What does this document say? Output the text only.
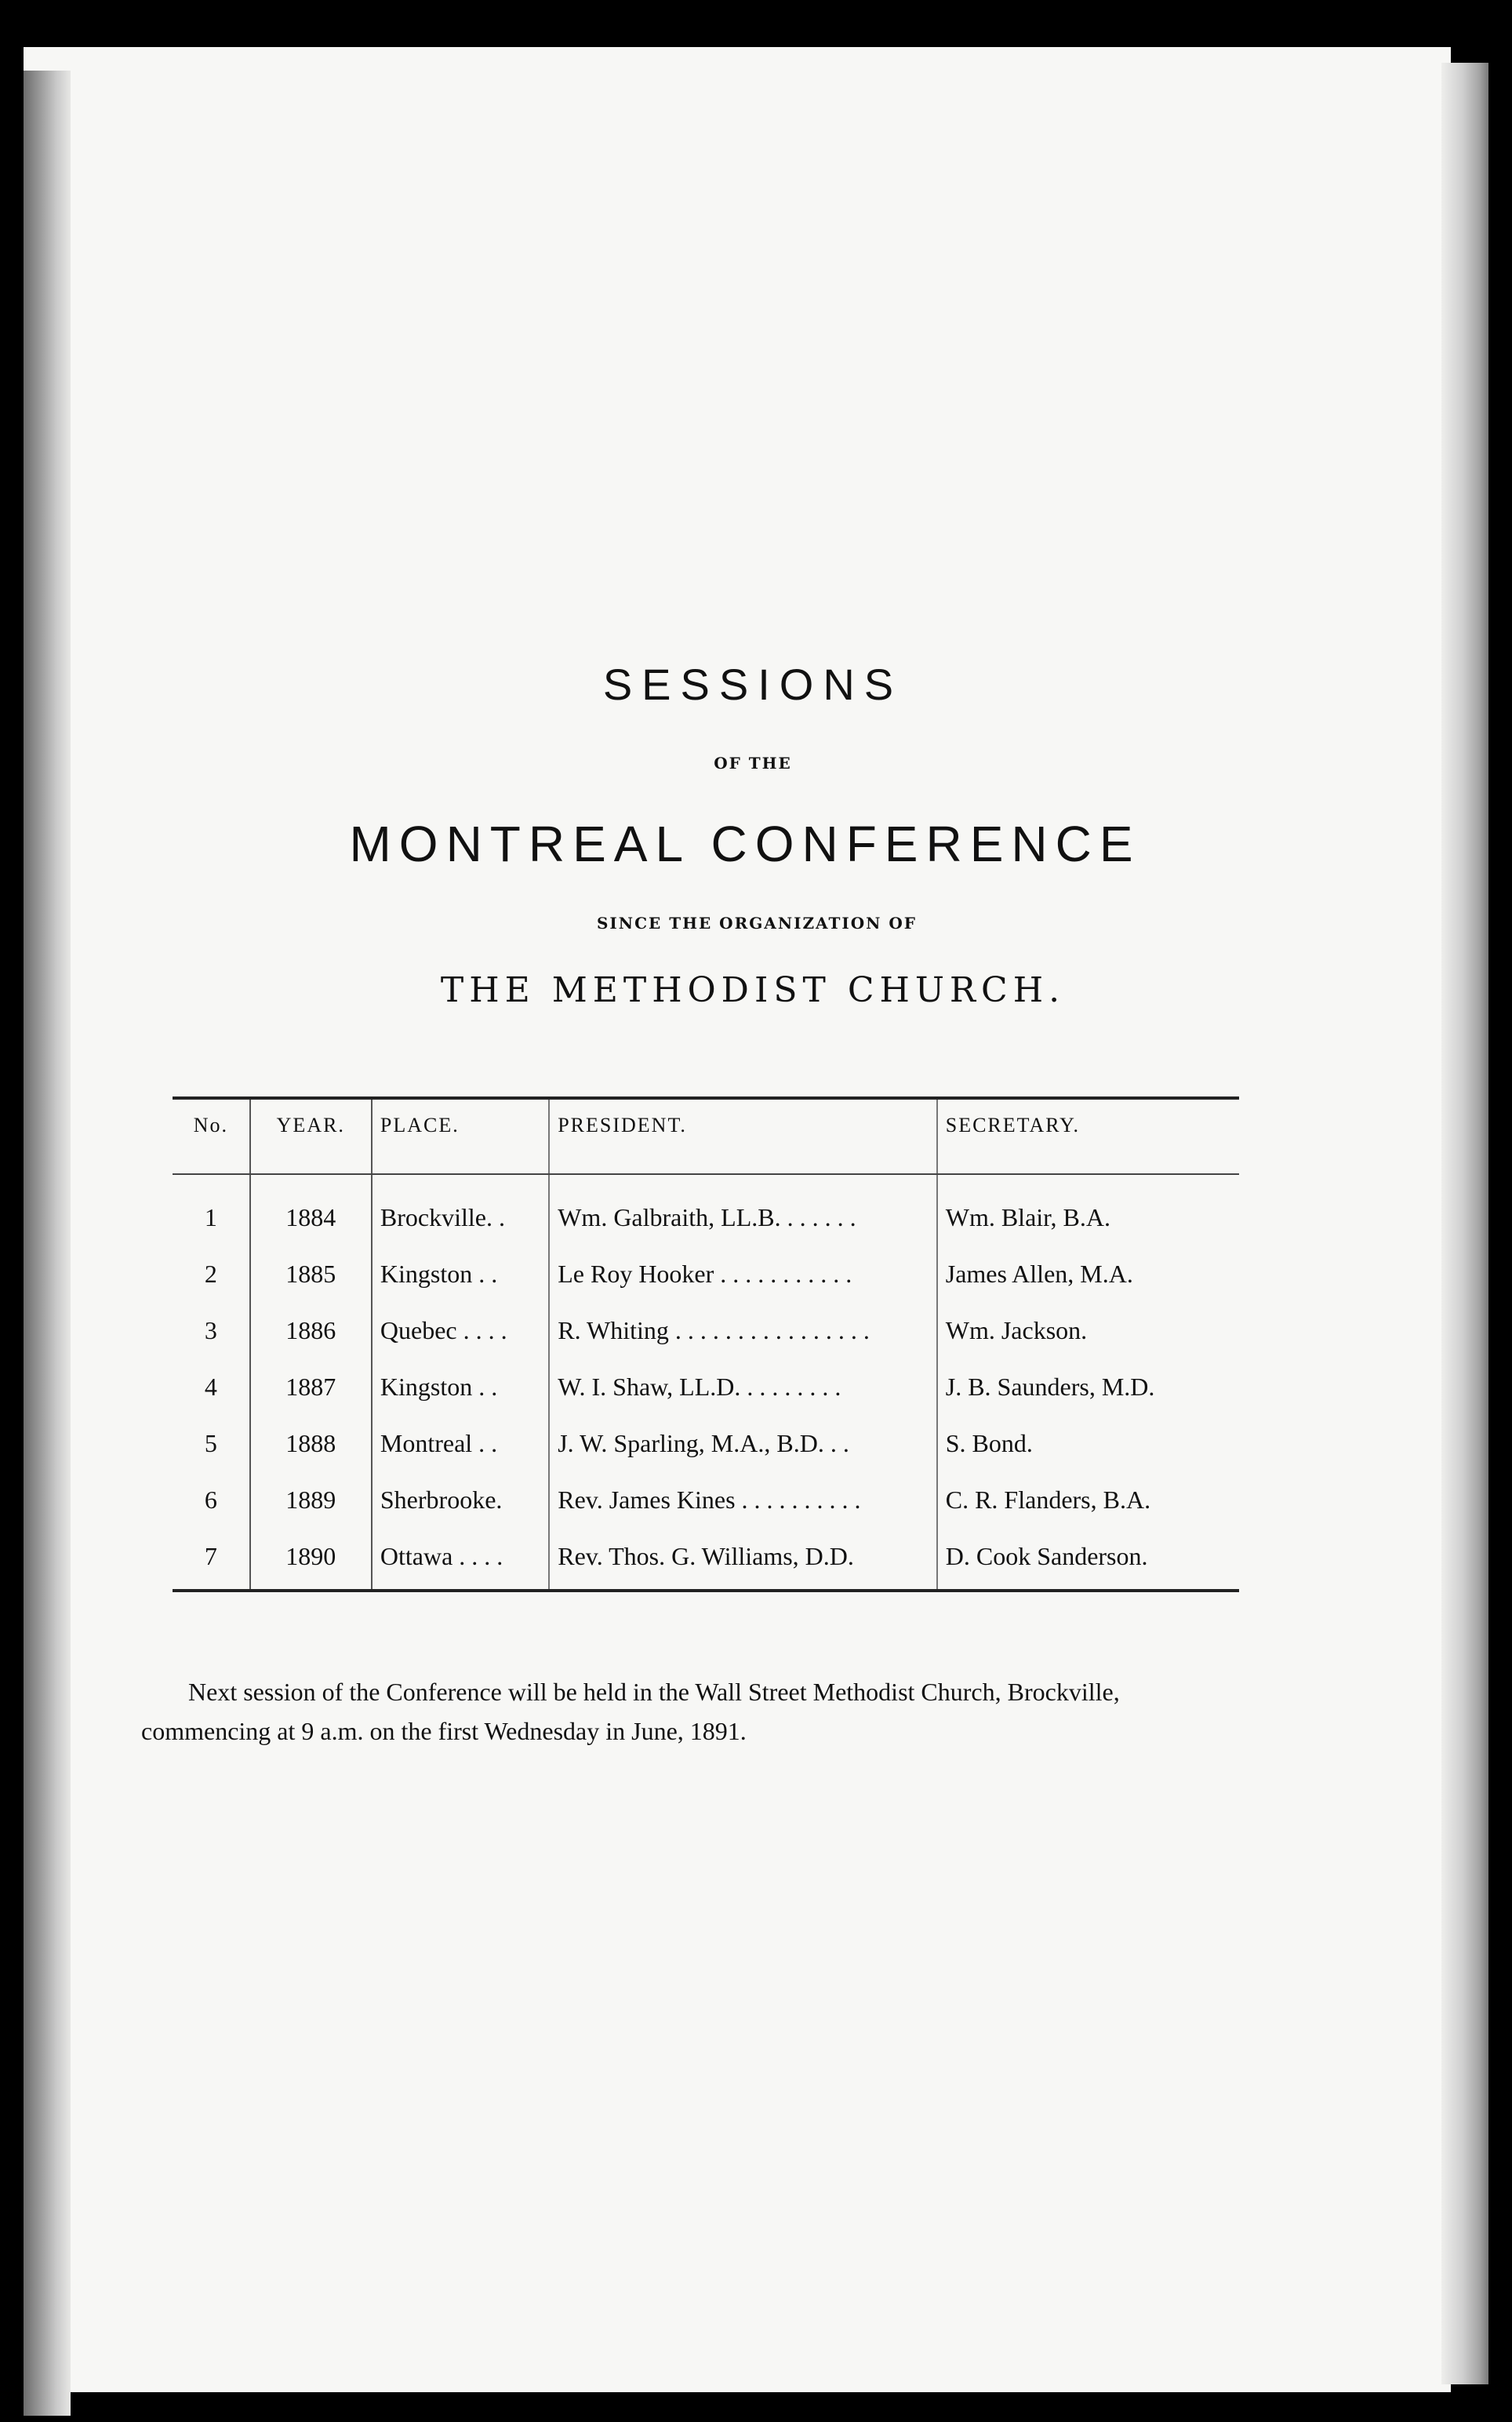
SESSIONS
OF THE
MONTREAL CONFERENCE
SINCE THE ORGANIZATION OF
THE METHODIST CHURCH.
No.	YEAR.	PLACE.	PRESIDENT.	SECRETARY.
1	1884	Brockville. .	Wm. Galbraith, LL.B. . . . . . .	Wm. Blair, B.A.
2	1885	Kingston . .	Le Roy Hooker . . . . . . . . . . .	James Allen, M.A.
3	1886	Quebec . . . .	R. Whiting . . . . . . . . . . . . . . . .	Wm. Jackson.
4	1887	Kingston . .	W. I. Shaw, LL.D. . . . . . . . .	J. B. Saunders, M.D.
5	1888	Montreal . .	J. W. Sparling, M.A., B.D. . .	S. Bond.
6	1889	Sherbrooke.	Rev. James Kines . . . . . . . . . .	C. R. Flanders, B.A.
7	1890	Ottawa . . . .	Rev. Thos. G. Williams, D.D.	D. Cook Sanderson.

Next session of the Conference will be held in the Wall Street Methodist Church, Brockville, commencing at 9 a.m. on the first Wednesday in June, 1891.
